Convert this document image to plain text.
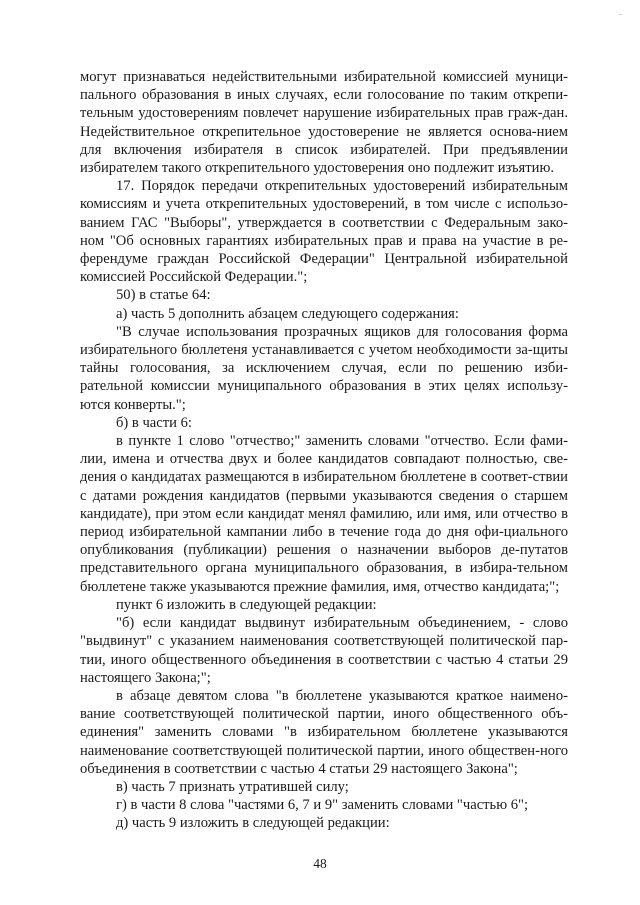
могут признаваться недействительными избирательной комиссией муници-пального образования в иных случаях, если голосование по таким открепи-тельным удостоверениям повлечет нарушение избирательных прав граж-дан. Недействительное открепительное удостоверение не является основа-нием для включения избирателя в список избирателей. При предъявлении избирателем такого открепительного удостоверения оно подлежит изъятию.

17. Порядок передачи открепительных удостоверений избирательным комиссиям и учета открепительных удостоверений, в том числе с использо-ванием ГАС "Выборы", утверждается в соответствии с Федеральным зако-ном "Об основных гарантиях избирательных прав и права на участие в ре-ферендуме граждан Российской Федерации" Центральной избирательной комиссией Российской Федерации.";

50) в статье 64:

а) часть 5 дополнить абзацем следующего содержания:

"В случае использования прозрачных ящиков для голосования форма избирательного бюллетеня устанавливается с учетом необходимости за-щиты тайны голосования, за исключением случая, если по решению изби-рательной комиссии муниципального образования в этих целях использу-ются конверты.";

б) в части 6:

в пункте 1 слово "отчество;" заменить словами "отчество. Если фами-лии, имена и отчества двух и более кандидатов совпадают полностью, све-дения о кандидатах размещаются в избирательном бюллетене в соответ-ствии с датами рождения кандидатов (первыми указываются сведения о старшем кандидате), при этом если кандидат менял фамилию, или имя, или отчество в период избирательной кампании либо в течение года до дня офи-циального опубликования (публикации) решения о назначении выборов де-путатов представительного органа муниципального образования, в избира-тельном бюллетене также указываются прежние фамилия, имя, отчество кандидата;";

пункт 6 изложить в следующей редакции:

"б) если кандидат выдвинут избирательным объединением, - слово "выдвинут" с указанием наименования соответствующей политической пар-тии, иного общественного объединения в соответствии с частью 4 статьи 29 настоящего Закона;";

в абзаце девятом слова "в бюллетене указываются краткое наимено-вание соответствующей политической партии, иного общественного объ-единения" заменить словами "в избирательном бюллетене указываются наименование соответствующей политической партии, иного обществен-ного объединения в соответствии с частью 4 статьи 29 настоящего Закона";

в) часть 7 признать утратившей силу;

г) в части 8 слова "частями 6, 7 и 9" заменить словами "частью 6";

д) часть 9 изложить в следующей редакции:

48
